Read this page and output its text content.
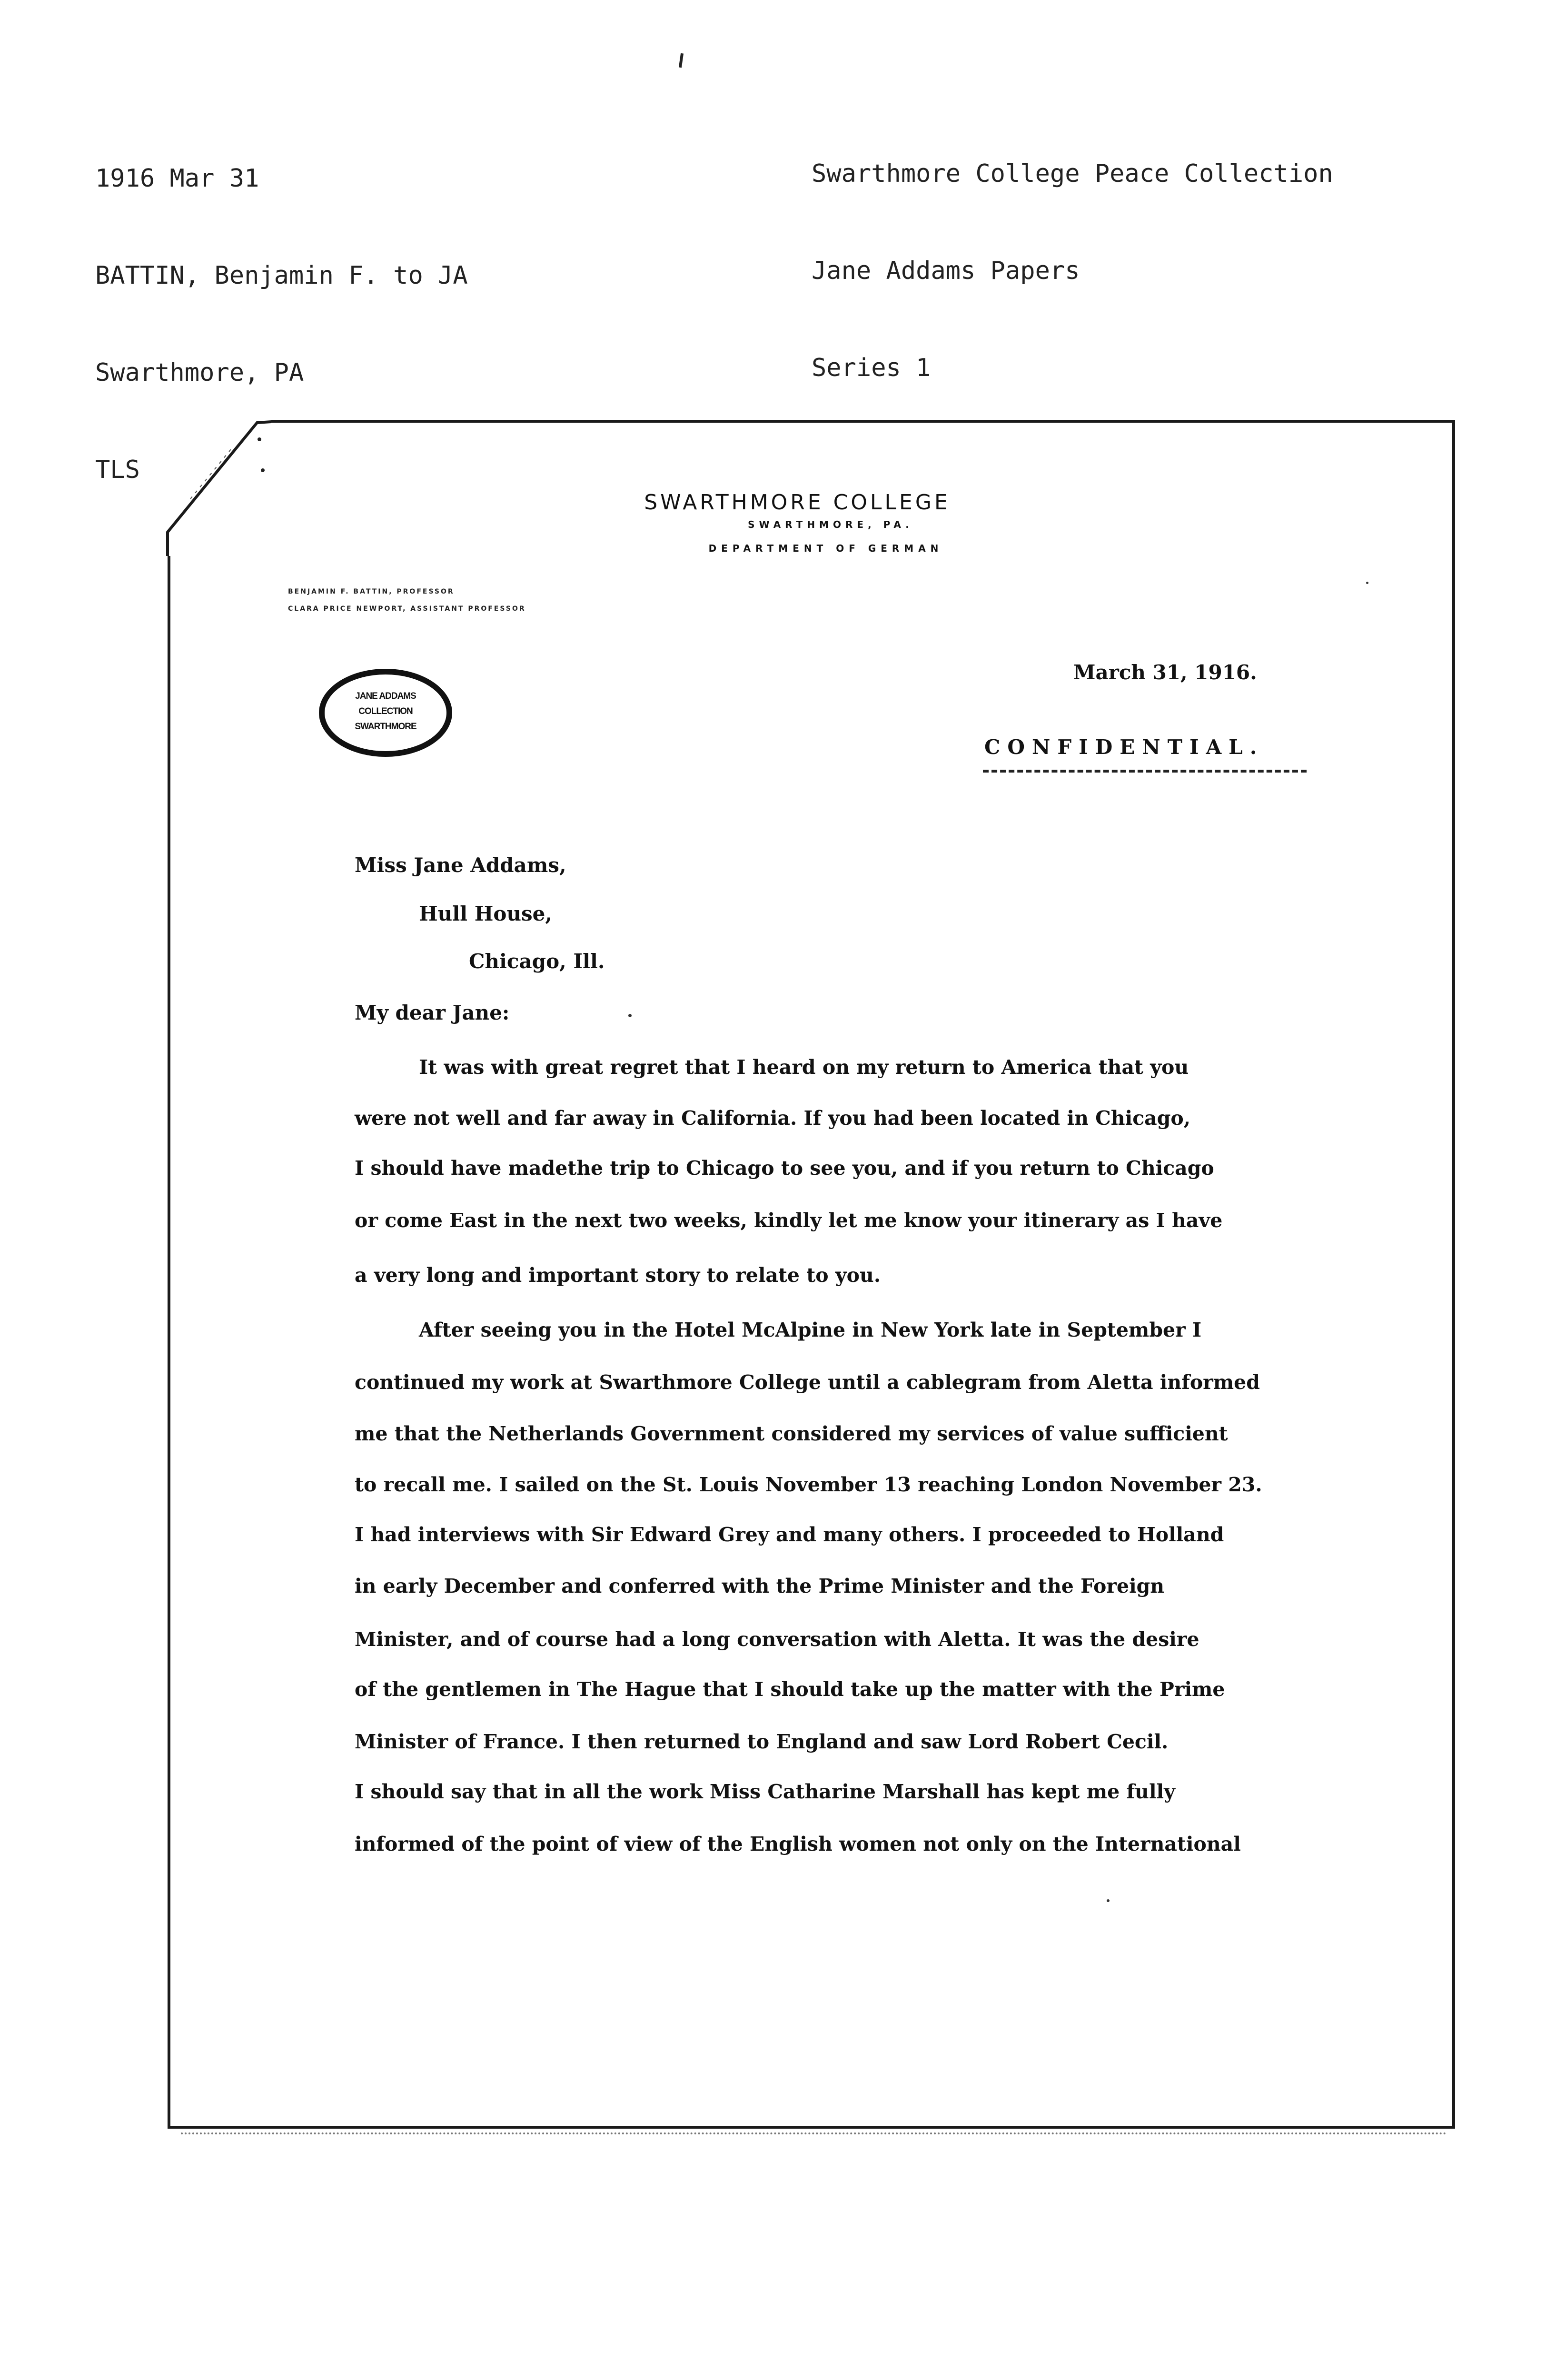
1916 Mar 31

BATTIN, Benjamin F. to JA

Swarthmore, PA

TLS

Swarthmore College Peace Collection

Jane Addams Papers

Series 1

SWARTHMORE COLLEGE
SWARTHMORE, PA.
DEPARTMENT OF GERMAN
BENJAMIN F. BATTIN, PROFESSOR
CLARA PRICE NEWPORT, ASSISTANT PROFESSOR
JANE ADDAMS
COLLECTION
SWARTHMORE
March 31, 1916.
CONFIDENTIAL.
Miss Jane Addams,
Hull House,
Chicago, Ill.
My dear Jane:
It was with great regret that I heard on my return to America that you
were not well and far away in California. If you had been located in Chicago,
I should have madethe trip to Chicago to see you, and if you return to Chicago
or come East in the next two weeks, kindly let me know your itinerary as I have
a very long and important story to relate to you.
After seeing you in the Hotel McAlpine in New York late in September I
continued my work at Swarthmore College until a cablegram from Aletta informed
me that the Netherlands Government considered my services of value sufficient
to recall me. I sailed on the St. Louis November 13 reaching London November 23.
I had interviews with Sir Edward Grey and many others. I proceeded to Holland
in early December and conferred with the Prime Minister and the Foreign
Minister, and of course had a long conversation with Aletta. It was the desire
of the gentlemen in The Hague that I should take up the matter with the Prime
Minister of France. I then returned to England and saw Lord Robert Cecil.
I should say that in all the work Miss Catharine Marshall has kept me fully
informed of the point of view of the English women not only on the International
